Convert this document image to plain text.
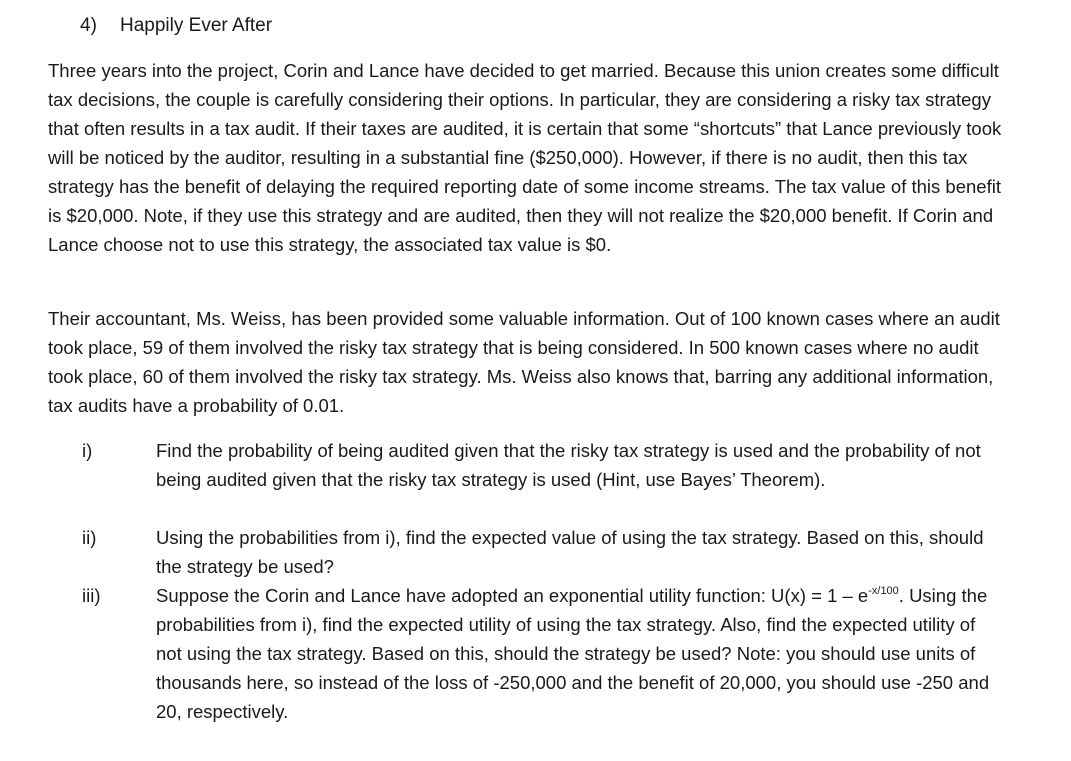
4) Happily Ever After

Three years into the project, Corin and Lance have decided to get married. Because this union creates some difficult tax decisions, the couple is carefully considering their options. In particular, they are considering a risky tax strategy that often results in a tax audit. If their taxes are audited, it is certain that some “shortcuts” that Lance previously took will be noticed by the auditor, resulting in a substantial fine ($250,000). However, if there is no audit, then this tax strategy has the benefit of delaying the required reporting date of some income streams. The tax value of this benefit is $20,000. Note, if they use this strategy and are audited, then they will not realize the $20,000 benefit. If Corin and Lance choose not to use this strategy, the associated tax value is $0.

Their accountant, Ms. Weiss, has been provided some valuable information. Out of 100 known cases where an audit took place, 59 of them involved the risky tax strategy that is being considered. In 500 known cases where no audit took place, 60 of them involved the risky tax strategy. Ms. Weiss also knows that, barring any additional information, tax audits have a probability of 0.01.

i)	Find the probability of being audited given that the risky tax strategy is used and the probability of not being audited given that the risky tax strategy is used (Hint, use Bayes’ Theorem).

ii)	Using the probabilities from i), find the expected value of using the tax strategy. Based on this, should the strategy be used?

iii)	Suppose the Corin and Lance have adopted an exponential utility function: $U(x) = 1 - e^{-x/100}$. Using the probabilities from i), find the expected utility of using the tax strategy. Also, find the expected utility of not using the tax strategy. Based on this, should the strategy be used? Note: you should use units of thousands here, so instead of the loss of -250,000 and the benefit of 20,000, you should use -250 and 20, respectively.
